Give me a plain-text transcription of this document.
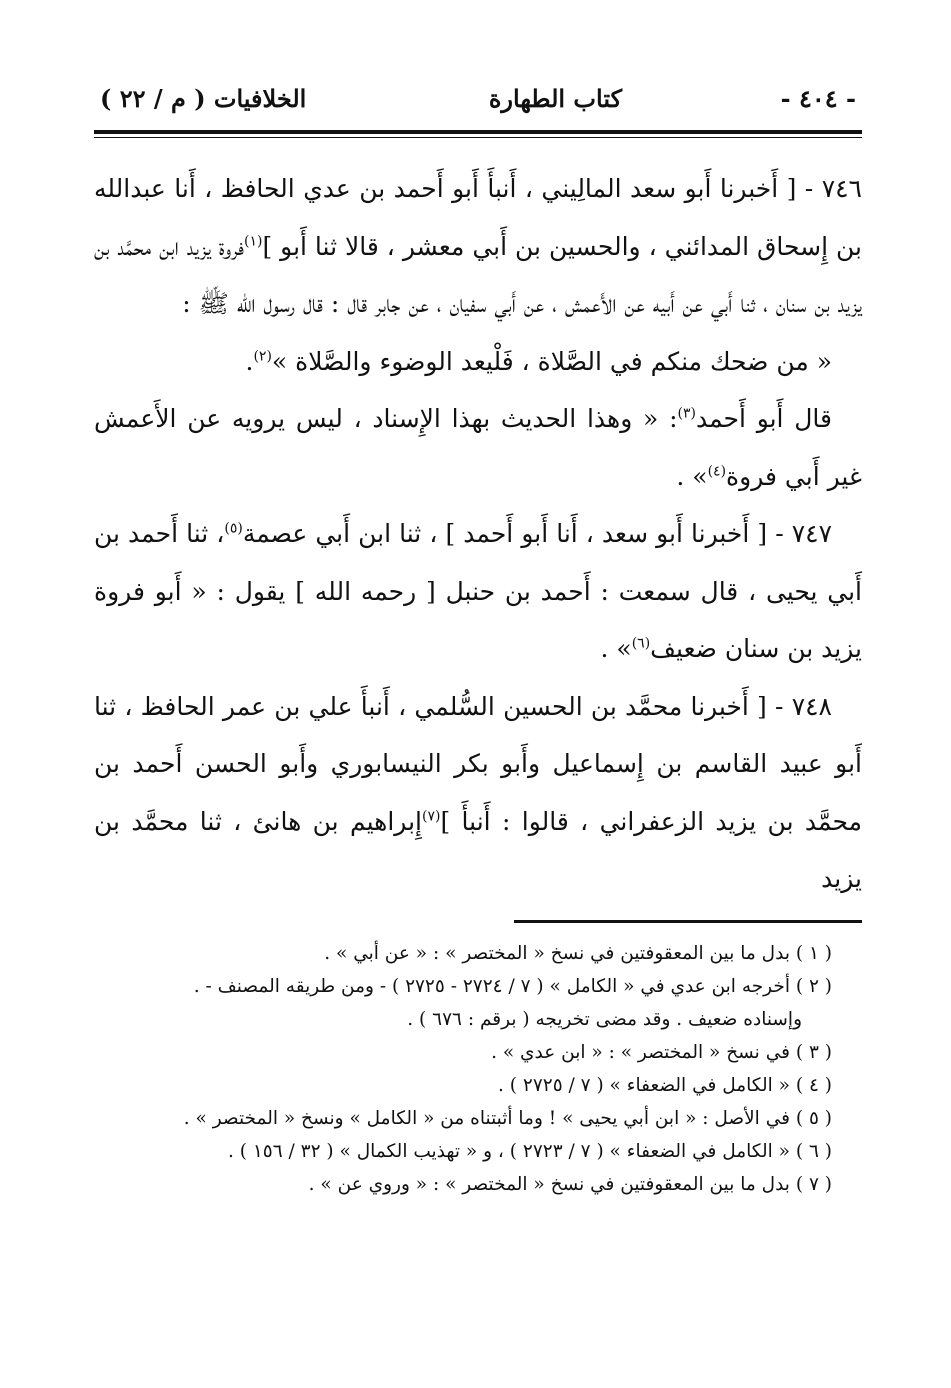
- ٤٠٤ -
كتاب الطهارة
الخلافيات ( م / ٢٢ )

٧٤٦ - [ أَخبرنا أَبو سعد المالِيني ، أَنبأَ أَبو أَحمد بن عدي الحافظ ، أَنا عبدالله بن إِسحاق المدائني ، والحسين بن أَبي معشر ، قالا ثنا أَبو ]$^{(١)}$فروة يزيد ابن محمَّد بن يزيد بن سنان ، ثنا أَبي عن أَبيه عن الأَعمش ، عن أَبي سفيان ، عن جابر قال : قال رسول الله ﷺ :

« من ضحك منكم في الصَّلاة ، فَلْيعد الوضوء والصَّلاة »$^{(٢)}$.

قال أَبو أَحمد$^{(٣)}$: « وهذا الحديث بهذا الإِسناد ، ليس يرويه عن الأَعمش غير أَبي فروة$^{(٤)}$» .

٧٤٧ - [ أَخبرنا أَبو سعد ، أَنا أَبو أَحمد ] ، ثنا ابن أَبي عصمة$^{(٥)}$، ثنا أَحمد بن أَبي يحيى ، قال سمعت : أَحمد بن حنبل [ رحمه الله ] يقول : « أَبو فروة يزيد بن سنان ضعيف$^{(٦)}$» .

٧٤٨ - [ أَخبرنا محمَّد بن الحسين السُّلمي ، أَنبأَ علي بن عمر الحافظ ، ثنا أَبو عبيد القاسم بن إِسماعيل وأَبو بكر النيسابوري وأَبو الحسن أَحمد بن محمَّد بن يزيد الزعفراني ، قالوا : أَنبأَ ]$^{(٧)}$إِبراهيم بن هانئ ، ثنا محمَّد بن يزيد

( ١ ) بدل ما بين المعقوفتين في نسخ « المختصر » : « عن أبي » .

( ٢ ) أخرجه ابن عدي في « الكامل » ( ٧ / ٢٧٢٤ - ٢٧٢٥ ) - ومن طريقه المصنف - .

وإسناده ضعيف . وقد مضى تخريجه ( برقم : ٦٧٦ ) .

( ٣ ) في نسخ « المختصر » : « ابن عدي » .

( ٤ ) « الكامل في الضعفاء » ( ٧ / ٢٧٢٥ ) .

( ٥ ) في الأصل : « ابن أبي يحيى » ! وما أثبتناه من « الكامل » ونسخ « المختصر » .

( ٦ ) « الكامل في الضعفاء » ( ٧ / ٢٧٢٣ ) ، و « تهذيب الكمال » ( ٣٢ / ١٥٦ ) .

( ٧ ) بدل ما بين المعقوفتين في نسخ « المختصر » : « وروي عن » .
